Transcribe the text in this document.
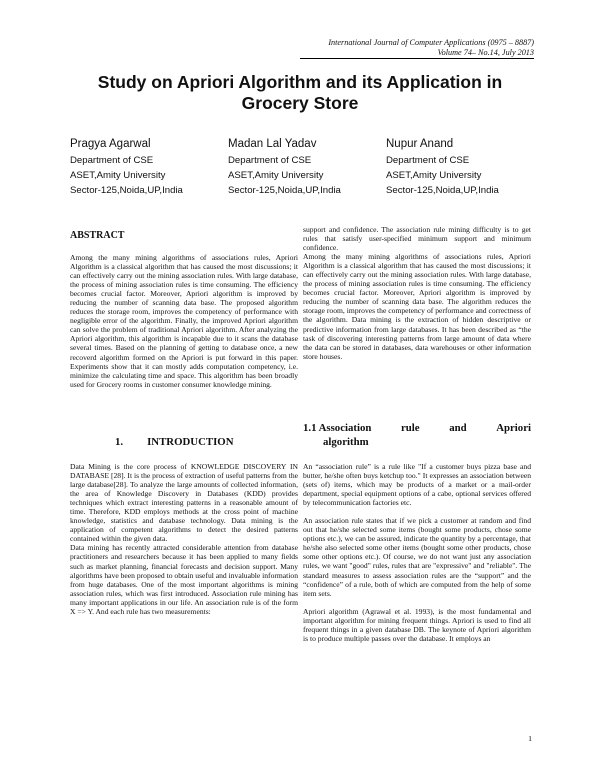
International Journal of Computer Applications (0975 – 8887)
Volume 74– No.14, July 2013
Study on Apriori Algorithm and its Application in
Grocery Store
Pragya Agarwal
Department of CSE
ASET,Amity University
Sector-125,Noida,UP,India
Madan Lal Yadav
Department of CSE
ASET,Amity University
Sector-125,Noida,UP,India
Nupur Anand
Department of CSE
ASET,Amity University
Sector-125,Noida,UP,India
ABSTRACT

Among the many mining algorithms of associations rules, Apriori Algorithm is a classical algorithm that has caused the most discussions; it can effectively carry out the mining association rules. With large database, the process of mining association rules is time consuming. The efficiency becomes crucial factor. Moreover, Apriori algorithm is improved by reducing the number of scanning data base. The proposed algorithm reduces the storage room, improves the competency of performance with negligible error of the algorithm. Finally, the improved Apriori algorithm can solve the problem of traditional Apriori algorithm. After analyzing the Apriori algorithm, this algorithm is incapable due to it scans the database several times. Based on the planning of getting to database once, a new recoverd algorithm formed on the Apriori is put forward in this paper. Experiments show that it can mostly adds computation competency, i.e. minimize the calculating time and space. This algorithm has been broadly used for Grocery rooms in customer consumer knowledge mining.

1. INTRODUCTION

Data Mining is the core process of KNOWLEDGE DISCOVERY IN DATABASE [28]. It is the process of extraction of useful patterns from the large database[28]. To analyze the large amounts of collected information, the area of Knowledge Discovery in Databases (KDD) provides techniques which extract interesting patterns in a reasonable amount of time. Therefore, KDD employs methods at the cross point of machine knowledge, statistics and database technology. Data mining is the application of competent algorithms to detect the desired patterns contained within the given data.

Data mining has recently attracted considerable attention from database practitioners and researchers because it has been applied to many fields such as market planning, financial forecasts and decision support. Many algorithms have been proposed to obtain useful and invaluable information from huge databases. One of the most important algorithms is mining association rules, which was first introduced. Association rule mining has many important applications in our life. An association rule is of the form X => Y. And each rule has two measurements:

support and confidence. The association rule mining difficulty is to get rules that satisfy user-specified minimum support and minimum confidence.

Among the many mining algorithms of associations rules, Apriori Algorithm is a classical algorithm that has caused the most discussions; it can effectively carry out the mining association rules. With large database, the process of mining association rules is time consuming. The efficiency becomes crucial factor. Moreover, Apriori algorithm is improved by reducing the number of scanning data base. The algorithm reduces the storage room, improves the competency of performance and correctness of the algorithm. Data mining is the extraction of hidden descriptive or predictive information from large databases. It has been described as “the task of discovering interesting patterns from large amount of data where the data can be stored in databases, data warehouses or other information store houses.

1.1 Association	rule	and	Apriori
algorithm

An “association rule” is a rule like "If a customer buys pizza base and butter, he/she often buys ketchup too." It expresses an association between (sets of) items, which may be products of a market or a mail-order department, special equipment options of a cabe, optional services offered by telecommunication factories etc.

An association rule states that if we pick a customer at random and find out that he/she selected some items (bought some products, chose some options etc.), we can be assured, indicate the quantity by a percentage, that he/she also selected some other items (bought some other products, chose some other options etc.). Of course, we do not want just any association rules, we want "good" rules, rules that are "expressive" and "reliable". The standard measures to assess association rules are the “support” and the “confidence” of a rule, both of which are computed from the help of some item sets.

Apriori algorithm (Agrawal et al. 1993), is the most fundamental and important algorithm for mining frequent things. Apriori is used to find all frequent things in a given database DB. The keynote of Apriori algorithm is to produce multiple passes over the database. It employs an

1
